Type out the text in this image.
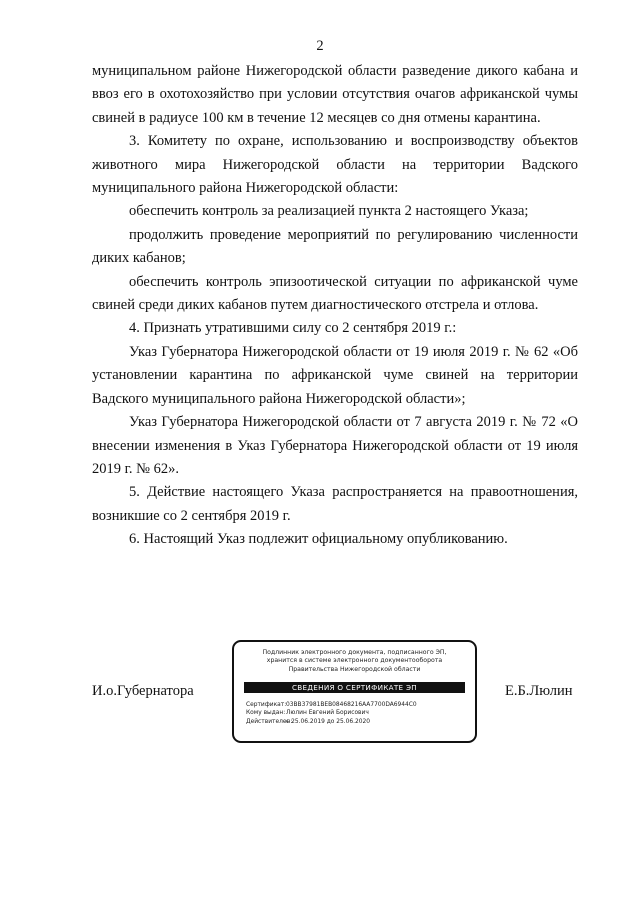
2

муниципальном районе Нижегородской области разведение дикого кабана и ввоз его в охотохозяйство при условии отсутствия очагов африканской чумы свиней в радиусе 100 км в течение 12 месяцев со дня отмены карантина.

3. Комитету по охране, использованию и воспроизводству объектов животного мира Нижегородской области на территории Вадского муниципального района Нижегородской области:

обеспечить контроль за реализацией пункта 2 настоящего Указа;

продолжить проведение мероприятий по регулированию численности диких кабанов;

обеспечить контроль эпизоотической ситуации по африканской чуме свиней среди диких кабанов путем диагностического отстрела и отлова.

4. Признать утратившими силу со 2 сентября 2019 г.:

Указ Губернатора Нижегородской области от 19 июля 2019 г. № 62 «Об установлении карантина по африканской чуме свиней на территории Вадского муниципального района Нижегородской области»;

Указ Губернатора Нижегородской области от 7 августа 2019 г. № 72 «О внесении изменения в Указ Губернатора Нижегородской области от 19 июля 2019 г. № 62».

5. Действие настоящего Указа распространяется на правоотношения, возникшие со 2 сентября 2019 г.

6. Настоящий Указ подлежит официальному опубликованию.

И.о.Губернатора	Е.Б.Люлин
Подлинник электронного документа, подписанного ЭП,
хранится в системе электронного документооборота
Правительства Нижегородской области
СВЕДЕНИЯ О СЕРТИФИКАТЕ ЭП
Сертификат:03BB37981BEB08468216AA7700DA6944C0
Кому выдан:Люлин Евгений Борисович
Действителен:с 25.06.2019 до 25.06.2020
